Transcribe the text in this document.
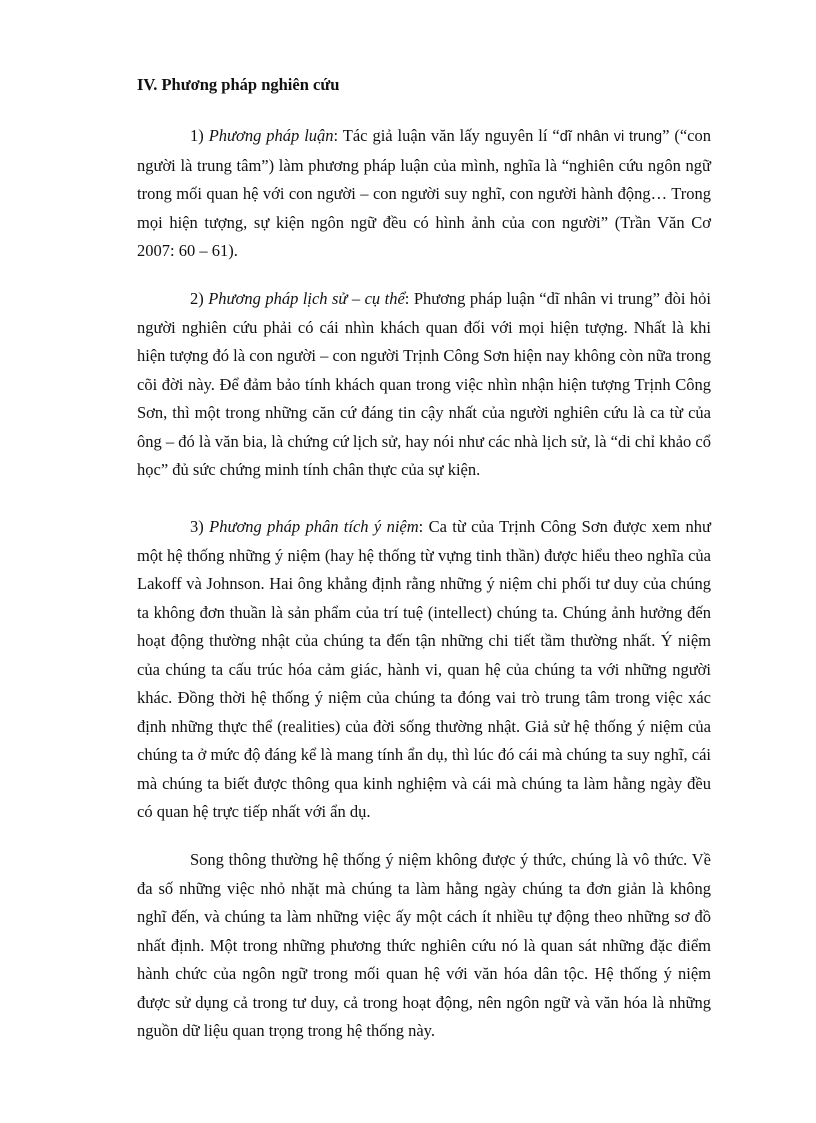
IV. Phương pháp nghiên cứu

1) Phương pháp luận: Tác giả luận văn lấy nguyên lí “dĩ nhân vi trung” (“con người là trung tâm”) làm phương pháp luận của mình, nghĩa là “nghiên cứu ngôn ngữ trong mối quan hệ với con người – con người suy nghĩ, con người hành động… Trong mọi hiện tượng, sự kiện ngôn ngữ đều có hình ảnh của con người” (Trần Văn Cơ 2007: 60 – 61).

2) Phương pháp lịch sử – cụ thể: Phương pháp luận “dĩ nhân vi trung” đòi hỏi người nghiên cứu phải có cái nhìn khách quan đối với mọi hiện tượng. Nhất là khi hiện tượng đó là con người – con người Trịnh Công Sơn hiện nay không còn nữa trong cõi đời này. Để đảm bảo tính khách quan trong việc nhìn nhận hiện tượng Trịnh Công Sơn, thì một trong những căn cứ đáng tin cậy nhất của người nghiên cứu là ca từ của ông – đó là văn bia, là chứng cứ lịch sử, hay nói như các nhà lịch sử, là “di chỉ khảo cổ học” đủ sức chứng minh tính chân thực của sự kiện.

3) Phương pháp phân tích ý niệm: Ca từ của Trịnh Công Sơn được xem như một hệ thống những ý niệm (hay hệ thống từ vựng tinh thần) được hiểu theo nghĩa của Lakoff và Johnson. Hai ông khẳng định rằng những ý niệm chi phối tư duy của chúng ta không đơn thuần là sản phẩm của trí tuệ (intellect) chúng ta. Chúng ảnh hưởng đến hoạt động thường nhật của chúng ta đến tận những chi tiết tầm thường nhất. Ý niệm của chúng ta cấu trúc hóa cảm giác, hành vi, quan hệ của chúng ta với những người khác. Đồng thời hệ thống ý niệm của chúng ta đóng vai trò trung tâm trong việc xác định những thực thể (realities) của đời sống thường nhật. Giả sử hệ thống ý niệm của chúng ta ở mức độ đáng kể là mang tính ẩn dụ, thì lúc đó cái mà chúng ta suy nghĩ, cái mà chúng ta biết được thông qua kinh nghiệm và cái mà chúng ta làm hằng ngày đều có quan hệ trực tiếp nhất với ẩn dụ.

Song thông thường hệ thống ý niệm không được ý thức, chúng là vô thức. Về đa số những việc nhỏ nhặt mà chúng ta làm hằng ngày chúng ta đơn giản là không nghĩ đến, và chúng ta làm những việc ấy một cách ít nhiều tự động theo những sơ đồ nhất định. Một trong những phương thức nghiên cứu nó là quan sát những đặc điểm hành chức của ngôn ngữ trong mối quan hệ với văn hóa dân tộc. Hệ thống ý niệm được sử dụng cả trong tư duy, cả trong hoạt động, nên ngôn ngữ và văn hóa là những nguồn dữ liệu quan trọng trong hệ thống này.
